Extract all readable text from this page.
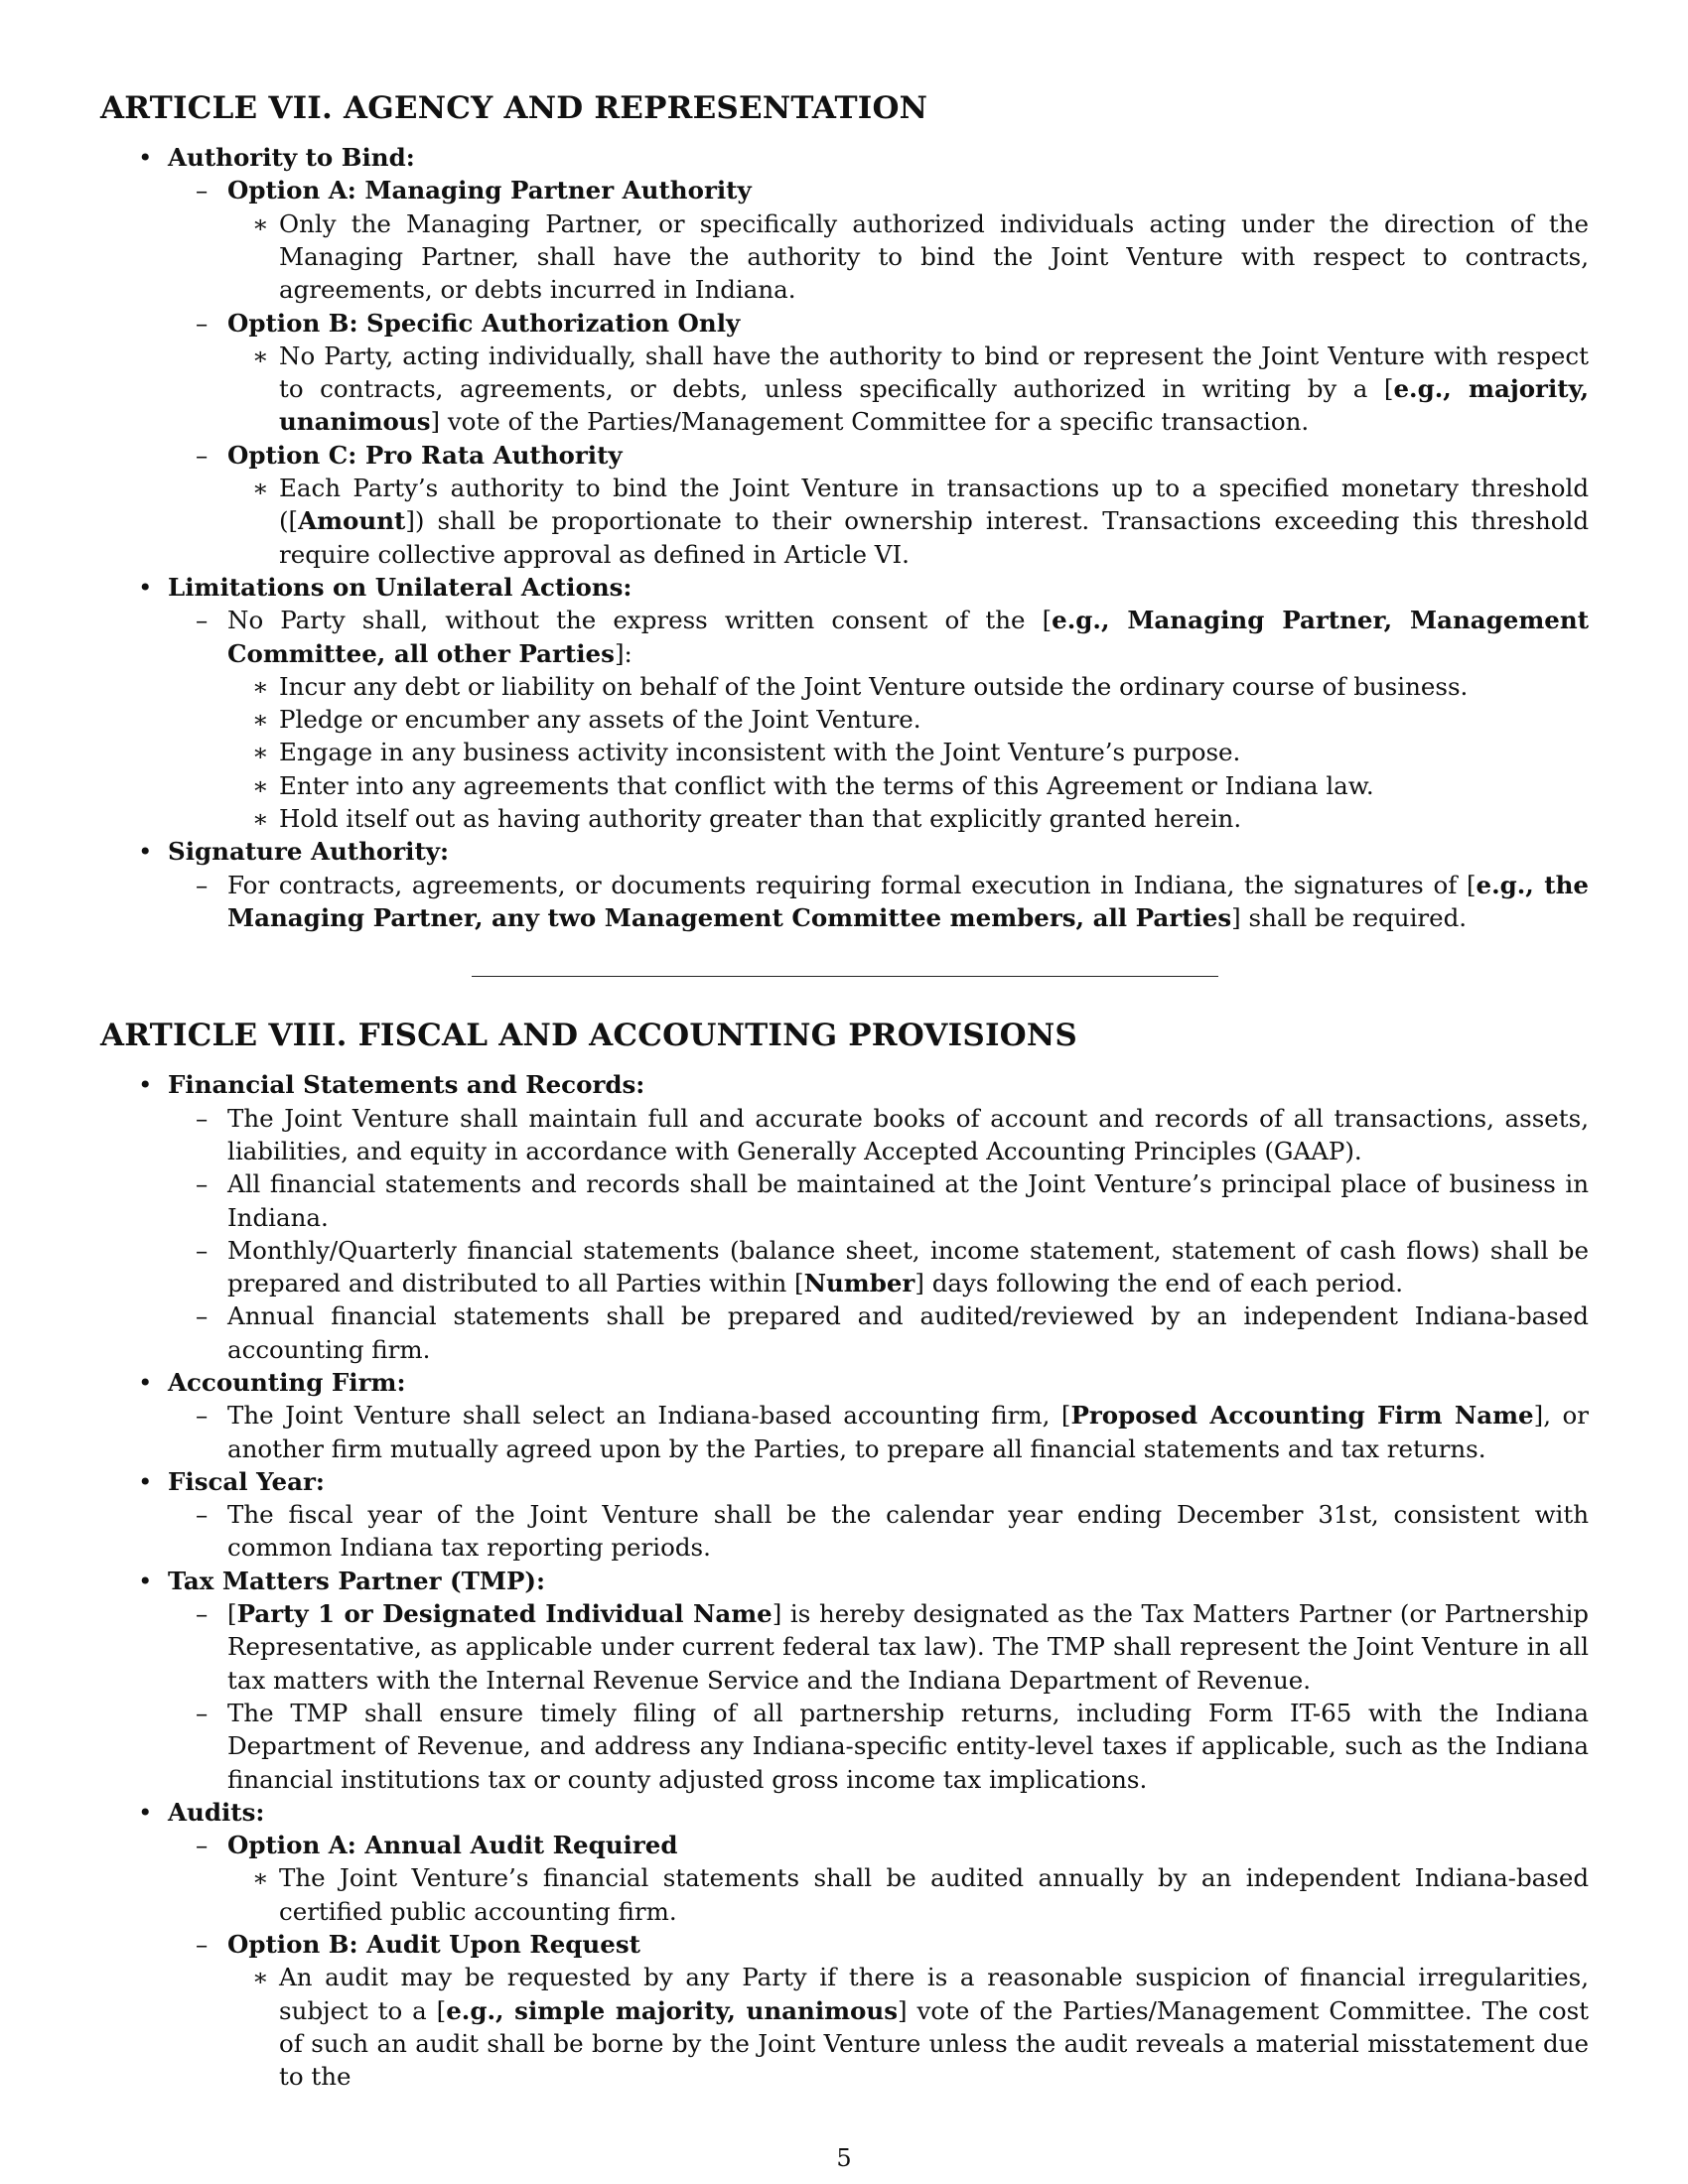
ARTICLE VII. AGENCY AND REPRESENTATION
• Authority to Bind:
– Option A: Managing Partner Authority
∗ Only the Managing Partner, or specifically authorized individuals acting under the direction of the Managing Partner, shall have the authority to bind the Joint Venture with respect to contracts, agreements, or debts incurred in Indiana.
– Option B: Specific Authorization Only
∗ No Party, acting individually, shall have the authority to bind or represent the Joint Venture with respect to contracts, agreements, or debts, unless specifically authorized in writing by a [e.g., majority, unanimous] vote of the Parties/Management Committee for a specific transaction.
– Option C: Pro Rata Authority
∗ Each Party’s authority to bind the Joint Venture in transactions up to a specified monetary threshold ([Amount]) shall be proportionate to their ownership interest. Transactions exceeding this threshold require collective approval as defined in Article VI.
• Limitations on Unilateral Actions:
– No Party shall, without the express written consent of the [e.g., Managing Partner, Management Committee, all other Parties]:
∗ Incur any debt or liability on behalf of the Joint Venture outside the ordinary course of business.
∗ Pledge or encumber any assets of the Joint Venture.
∗ Engage in any business activity inconsistent with the Joint Venture’s purpose.
∗ Enter into any agreements that conflict with the terms of this Agreement or Indiana law.
∗ Hold itself out as having authority greater than that explicitly granted herein.
• Signature Authority:
– For contracts, agreements, or documents requiring formal execution in Indiana, the signatures of [e.g., the Managing Partner, any two Management Committee members, all Parties] shall be required.
ARTICLE VIII. FISCAL AND ACCOUNTING PROVISIONS
• Financial Statements and Records:
– The Joint Venture shall maintain full and accurate books of account and records of all transactions, assets, liabilities, and equity in accordance with Generally Accepted Accounting Principles (GAAP).
– All financial statements and records shall be maintained at the Joint Venture’s principal place of business in Indiana.
– Monthly/Quarterly financial statements (balance sheet, income statement, statement of cash flows) shall be prepared and distributed to all Parties within [Number] days following the end of each period.
– Annual financial statements shall be prepared and audited/reviewed by an independent Indiana-based accounting firm.
• Accounting Firm:
– The Joint Venture shall select an Indiana-based accounting firm, [Proposed Accounting Firm Name], or another firm mutually agreed upon by the Parties, to prepare all financial statements and tax returns.
• Fiscal Year:
– The fiscal year of the Joint Venture shall be the calendar year ending December 31st, consistent with common Indiana tax reporting periods.
• Tax Matters Partner (TMP):
– [Party 1 or Designated Individual Name] is hereby designated as the Tax Matters Partner (or Partnership Representative, as applicable under current federal tax law). The TMP shall represent the Joint Venture in all tax matters with the Internal Revenue Service and the Indiana Department of Revenue.
– The TMP shall ensure timely filing of all partnership returns, including Form IT-65 with the Indiana Department of Revenue, and address any Indiana-specific entity-level taxes if applicable, such as the Indiana financial institutions tax or county adjusted gross income tax implications.
• Audits:
– Option A: Annual Audit Required
∗ The Joint Venture’s financial statements shall be audited annually by an independent Indiana-based certified public accounting firm.
– Option B: Audit Upon Request
∗ An audit may be requested by any Party if there is a reasonable suspicion of financial irregularities, subject to a [e.g., simple majority, unanimous] vote of the Parties/Management Committee. The cost of such an audit shall be borne by the Joint Venture unless the audit reveals a material misstatement due to the
5
